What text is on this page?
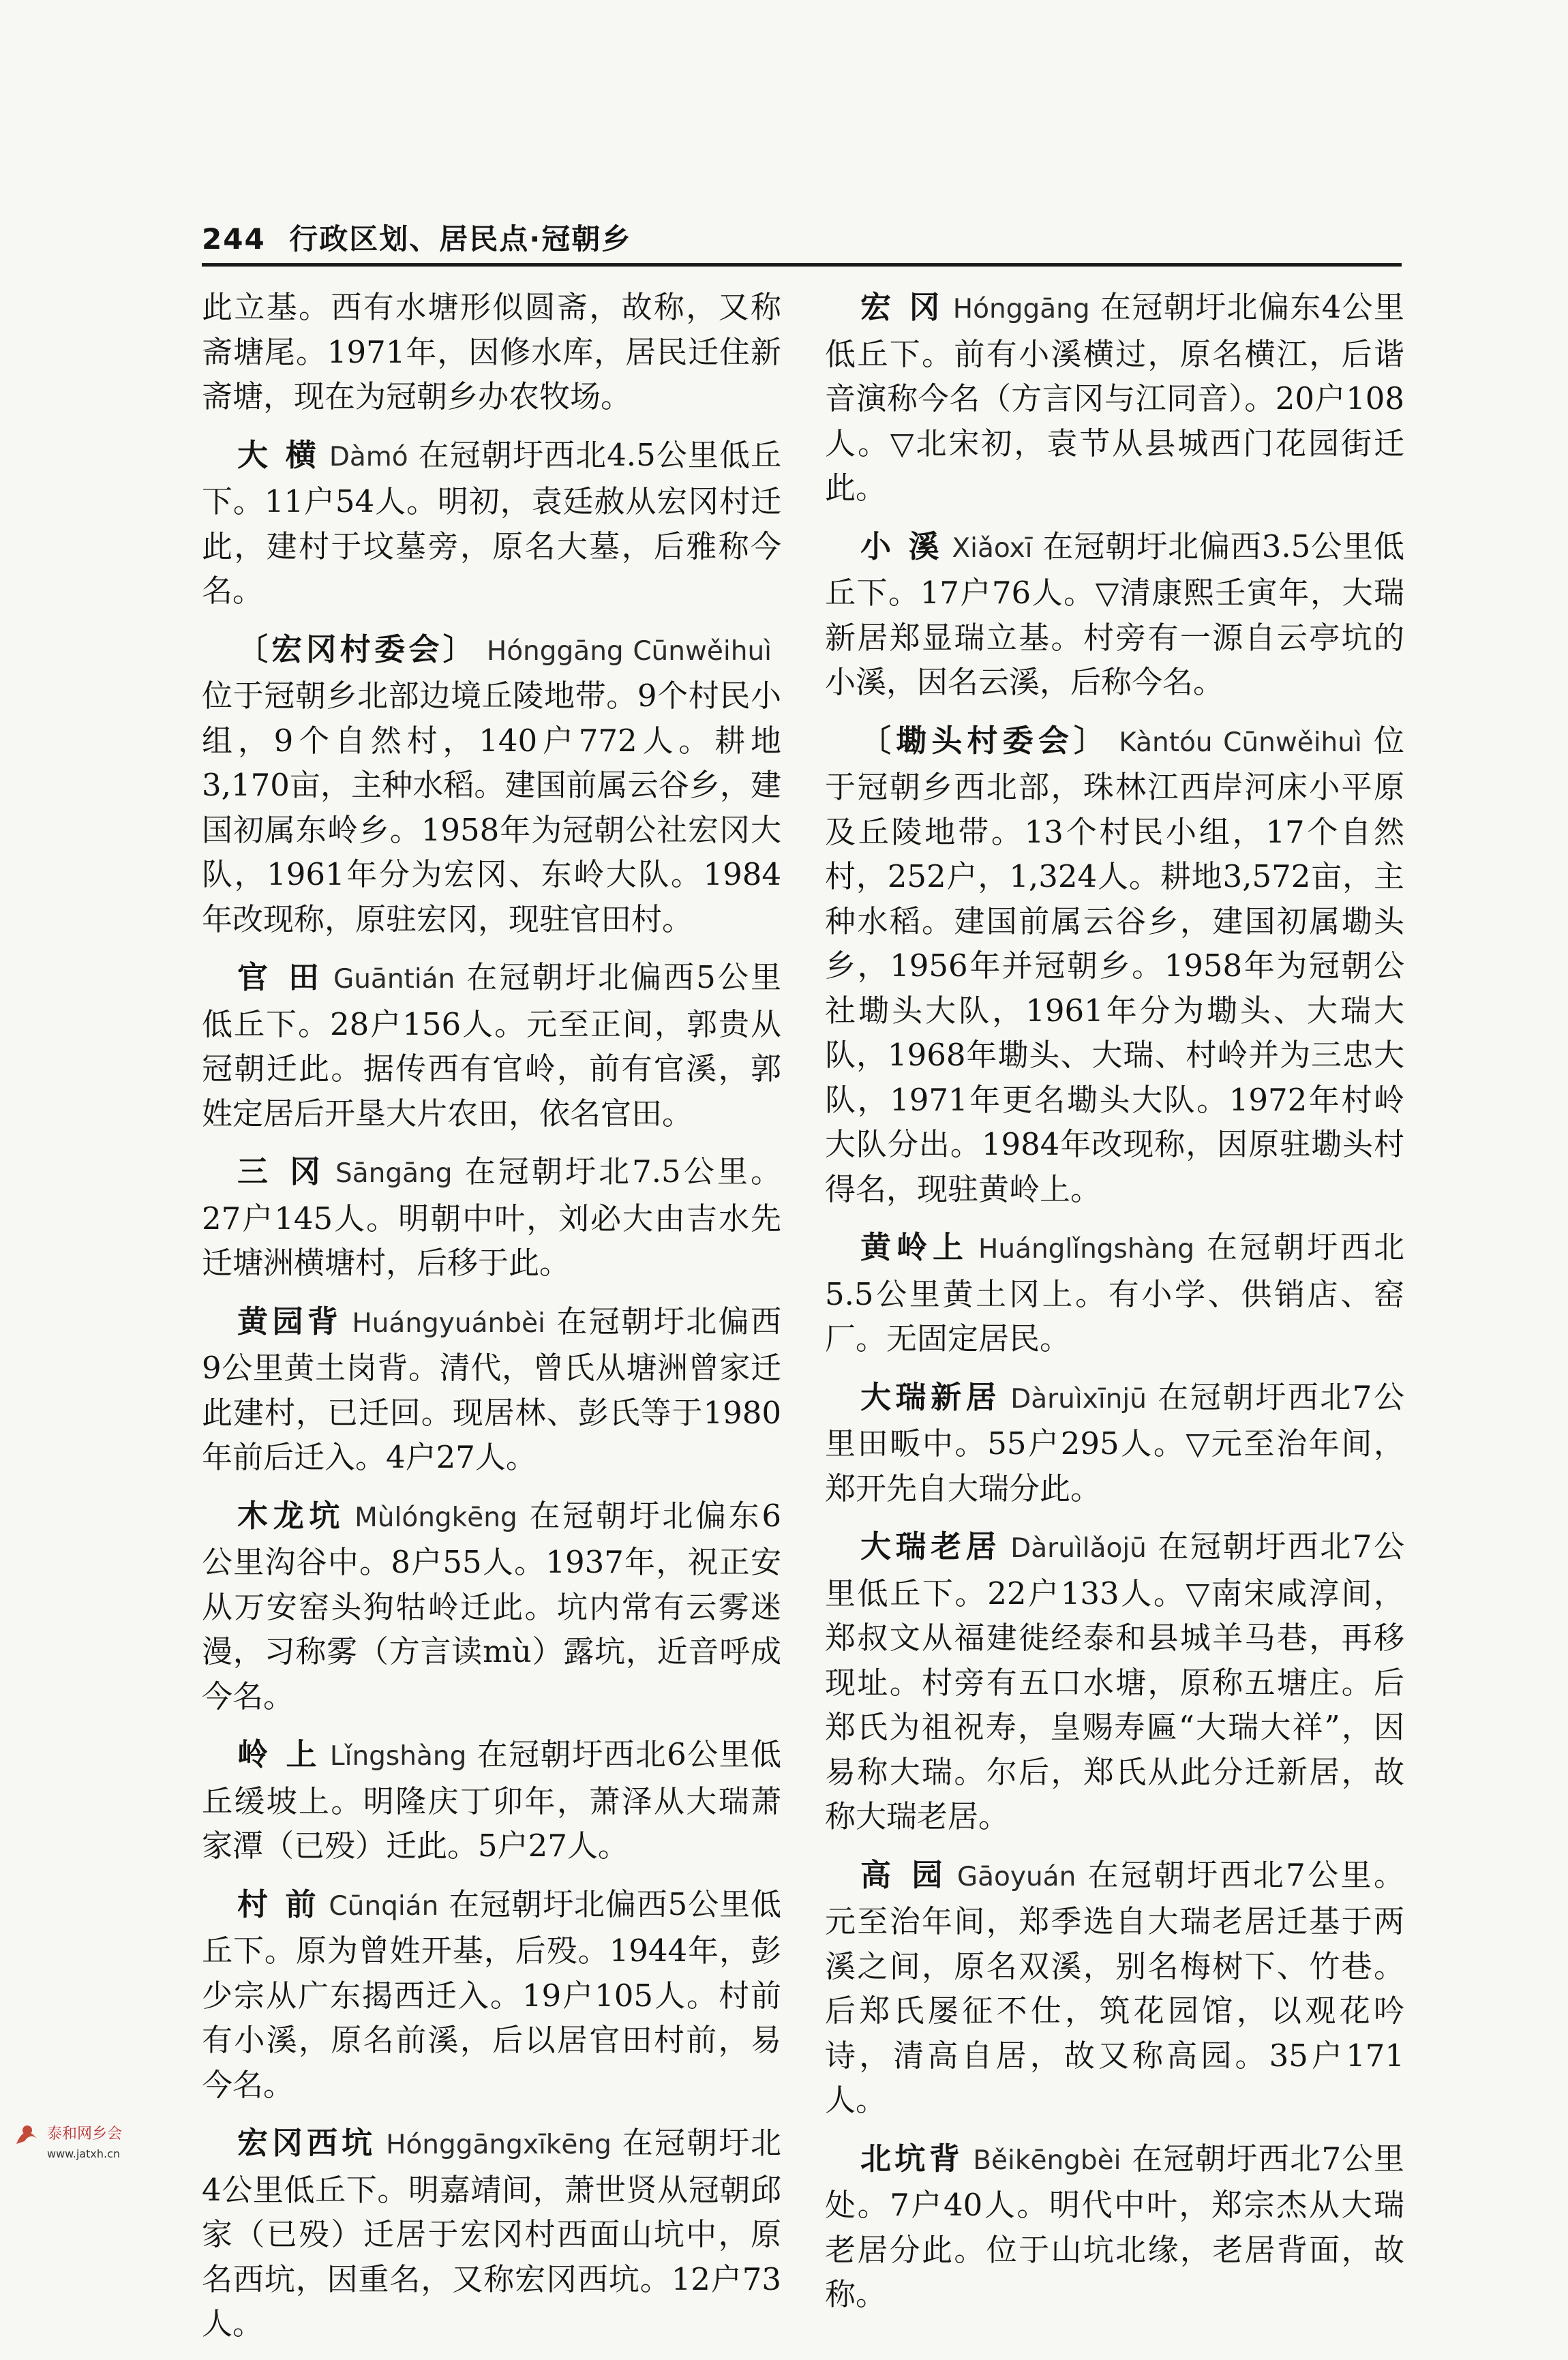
244 行政区划、居民点·冠朝乡

此立基。西有水塘形似圆斋，故称，又称斋塘尾。1971年，因修水库，居民迁住新斋塘，现在为冠朝乡办农牧场。

大 横 Dàmó 在冠朝圩西北4.5公里低丘下。11户54人。明初，袁廷赦从宏冈村迁此，建村于坟墓旁，原名大墓，后雅称今名。

〔宏冈村委会〕 Hónggāng Cūnwěihuì位于冠朝乡北部边境丘陵地带。9个村民小组，9个自然村，140户772人。耕地3,170亩，主种水稻。建国前属云谷乡，建国初属东岭乡。1958年为冠朝公社宏冈大队，1961年分为宏冈、东岭大队。1984年改现称，原驻宏冈，现驻官田村。

官 田 Guāntián 在冠朝圩北偏西5公里低丘下。28户156人。元至正间，郭贵从冠朝迁此。据传西有官岭，前有官溪，郭姓定居后开垦大片农田，依名官田。

三 冈 Sāngāng 在冠朝圩北7.5公里。27户145人。明朝中叶，刘必大由吉水先迁塘洲横塘村，后移于此。

黄园背 Huángyuánbèi 在冠朝圩北偏西9公里黄土岗背。清代，曾氏从塘洲曾家迁此建村，已迁回。现居林、彭氏等于1980年前后迁入。4户27人。

木龙坑 Mùlóngkēng 在冠朝圩北偏东6公里沟谷中。8户55人。1937年，祝正安从万安窑头狗牯岭迁此。坑内常有云雾迷漫，习称雾（方言读mù）露坑，近音呼成今名。

岭 上 Lǐngshàng 在冠朝圩西北6公里低丘缓坡上。明隆庆丁卯年，萧泽从大瑞萧家潭（已殁）迁此。5户27人。

村 前 Cūnqián 在冠朝圩北偏西5公里低丘下。原为曾姓开基，后殁。1944年，彭少宗从广东揭西迁入。19户105人。村前有小溪，原名前溪，后以居官田村前，易今名。

宏冈西坑 Hónggāngxīkēng 在冠朝圩北4公里低丘下。明嘉靖间，萧世贤从冠朝邱家（已殁）迁居于宏冈村西面山坑中，原名西坑，因重名，又称宏冈西坑。12户73人。

宏 冈 Hónggāng 在冠朝圩北偏东4公里低丘下。前有小溪横过，原名横江，后谐音演称今名（方言冈与江同音）。20户108人。▽北宋初，袁节从县城西门花园街迁此。

小 溪 Xiǎoxī 在冠朝圩北偏西3.5公里低丘下。17户76人。▽清康熙壬寅年，大瑞新居郑显瑞立基。村旁有一源自云亭坑的小溪，因名云溪，后称今名。

〔墈头村委会〕 Kàntóu Cūnwěihuì 位于冠朝乡西北部，珠林江西岸河床小平原及丘陵地带。13个村民小组，17个自然村，252户，1,324人。耕地3,572亩，主种水稻。建国前属云谷乡，建国初属墈头乡，1956年并冠朝乡。1958年为冠朝公社墈头大队，1961年分为墈头、大瑞大队，1968年墈头、大瑞、村岭并为三忠大队，1971年更名墈头大队。1972年村岭大队分出。1984年改现称，因原驻墈头村得名，现驻黄岭上。

黄岭上 Huánglǐngshàng 在冠朝圩西北5.5公里黄土冈上。有小学、供销店、窑厂。无固定居民。

大瑞新居 Dàruìxīnjū 在冠朝圩西北7公里田畈中。55户295人。▽元至治年间，郑开先自大瑞分此。

大瑞老居 Dàruìlǎojū 在冠朝圩西北7公里低丘下。22户133人。▽南宋咸淳间，郑叔文从福建徙经泰和县城羊马巷，再移现址。村旁有五口水塘，原称五塘庄。后郑氏为祖祝寿，皇赐寿匾“大瑞大祥”，因易称大瑞。尔后，郑氏从此分迁新居，故称大瑞老居。

高 园 Gāoyuán 在冠朝圩西北7公里。元至治年间，郑季选自大瑞老居迁基于两溪之间，原名双溪，别名梅树下、竹巷。后郑氏屡征不仕，筑花园馆，以观花吟诗，清高自居，故又称高园。35户171人。

北坑背 Běikēngbèi 在冠朝圩西北7公里处。7户40人。明代中叶，郑宗杰从大瑞老居分此。位于山坑北缘，老居背面，故称。

泰和网乡会
www.jatxh.cn
